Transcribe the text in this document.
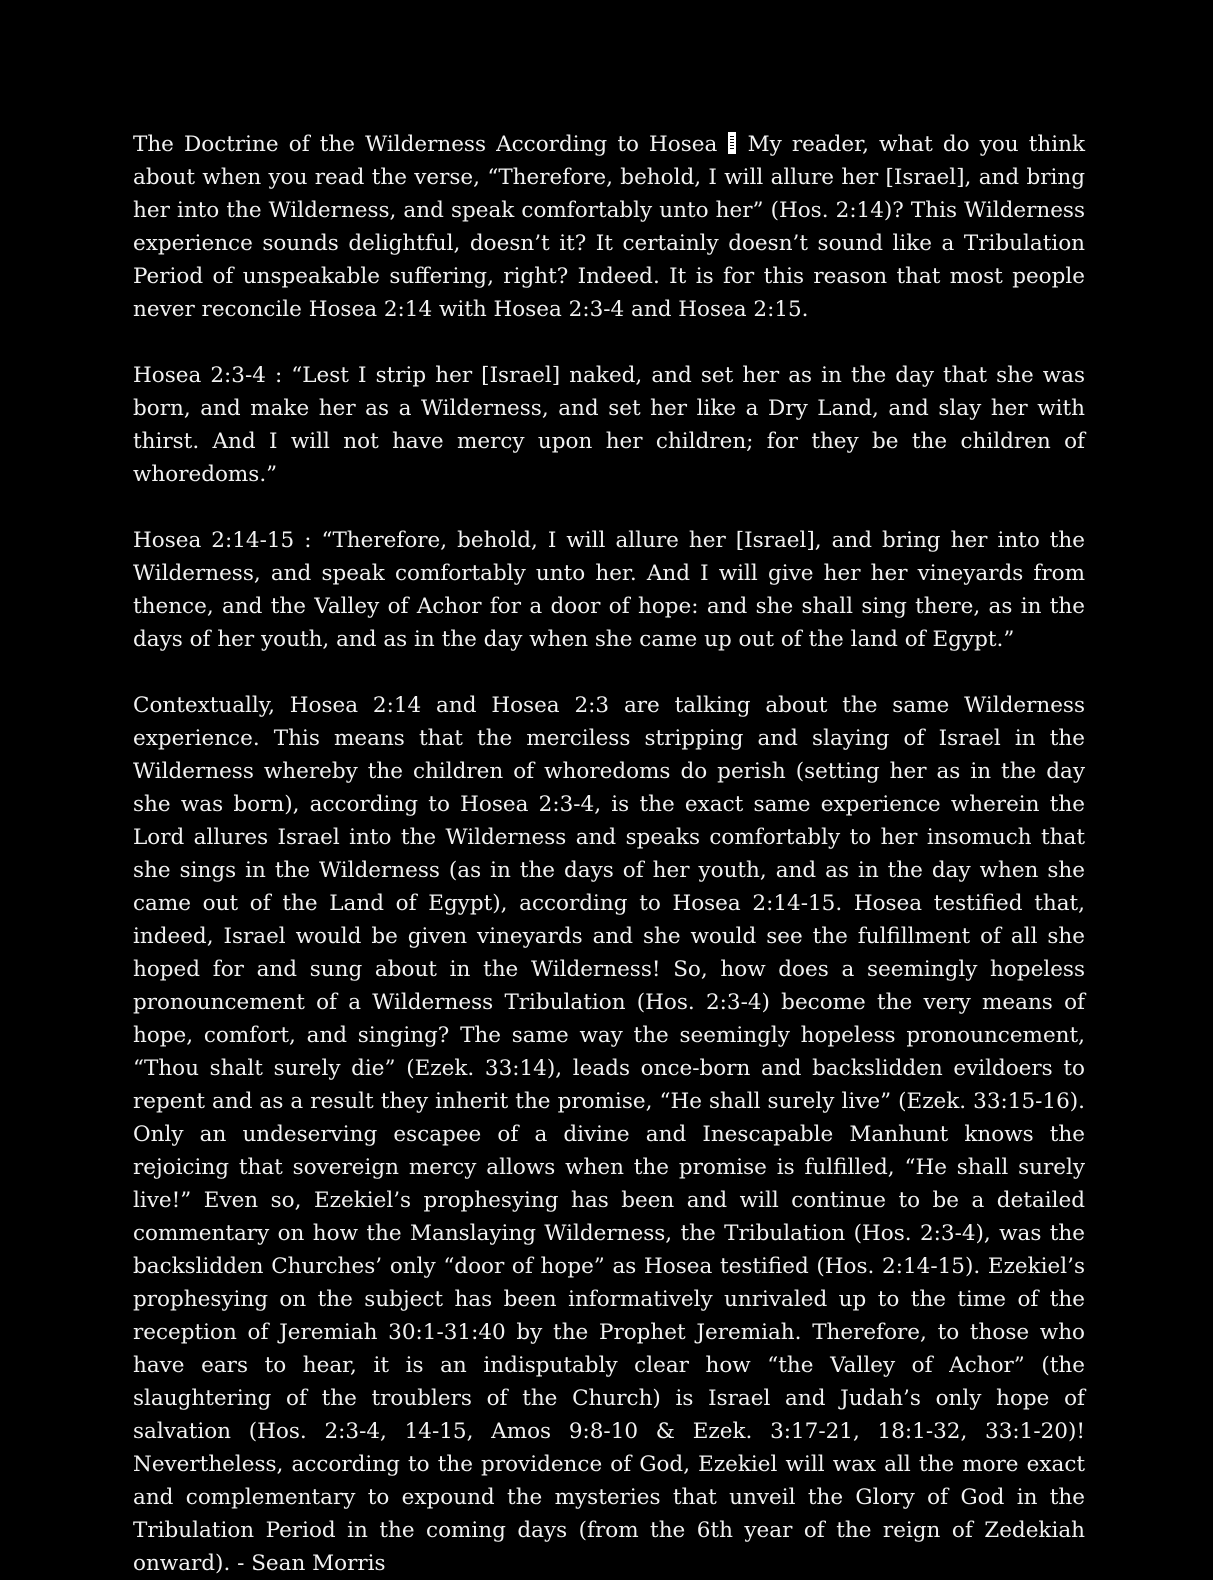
The Doctrine of the Wilderness According to Hosea  My reader, what do you think about when you read the verse, “Therefore, behold, I will allure her [Israel], and bring her into the Wilderness, and speak comfortably unto her” (Hos. 2:14)? This Wilderness experience sounds delightful, doesn’t it? It certainly doesn’t sound like a Tribulation Period of unspeakable suffering, right? Indeed. It is for this reason that most people never reconcile Hosea 2:14 with Hosea 2:3-4 and Hosea 2:15.

Hosea 2:3-4 : “Lest I strip her [Israel] naked, and set her as in the day that she was born, and make her as a Wilderness, and set her like a Dry Land, and slay her with thirst. And I will not have mercy upon her children; for they be the children of whoredoms.”

Hosea 2:14-15 : “Therefore, behold, I will allure her [Israel], and bring her into the Wilderness, and speak comfortably unto her. And I will give her her vineyards from thence, and the Valley of Achor for a door of hope: and she shall sing there, as in the days of her youth, and as in the day when she came up out of the land of Egypt.”

Contextually, Hosea 2:14 and Hosea 2:3 are talking about the same Wilderness experience. This means that the merciless stripping and slaying of Israel in the Wilderness whereby the children of whoredoms do perish (setting her as in the day she was born), according to Hosea 2:3-4, is the exact same experience wherein the Lord allures Israel into the Wilderness and speaks comfortably to her insomuch that she sings in the Wilderness (as in the days of her youth, and as in the day when she came out of the Land of Egypt), according to Hosea 2:14-15. Hosea testified that, indeed, Israel would be given vineyards and she would see the fulfillment of all she hoped for and sung about in the Wilderness! So, how does a seemingly hopeless pronouncement of a Wilderness Tribulation (Hos. 2:3-4) become the very means of hope, comfort, and singing? The same way the seemingly hopeless pronouncement, “Thou shalt surely die” (Ezek. 33:14), leads once-born and backslidden evildoers to repent and as a result they inherit the promise, “He shall surely live” (Ezek. 33:15-16). Only an undeserving escapee of a divine and Inescapable Manhunt knows the rejoicing that sovereign mercy allows when the promise is fulfilled, “He shall surely live!” Even so, Ezekiel’s prophesying has been and will continue to be a detailed commentary on how the Manslaying Wilderness, the Tribulation (Hos. 2:3-4), was the backslidden Churches’ only “door of hope” as Hosea testified (Hos. 2:14-15). Ezekiel’s prophesying on the subject has been informatively unrivaled up to the time of the reception of Jeremiah 30:1-31:40 by the Prophet Jeremiah. Therefore, to those who have ears to hear, it is an indisputably clear how “the Valley of Achor” (the slaughtering of the troublers of the Church) is Israel and Judah’s only hope of salvation (Hos. 2:3-4, 14-15, Amos 9:8-10 & Ezek. 3:17-21, 18:1-32, 33:1-20)! Nevertheless, according to the providence of God, Ezekiel will wax all the more exact and complementary to expound the mysteries that unveil the Glory of God in the Tribulation Period in the coming days (from the 6th year of the reign of Zedekiah onward). - Sean Morris
